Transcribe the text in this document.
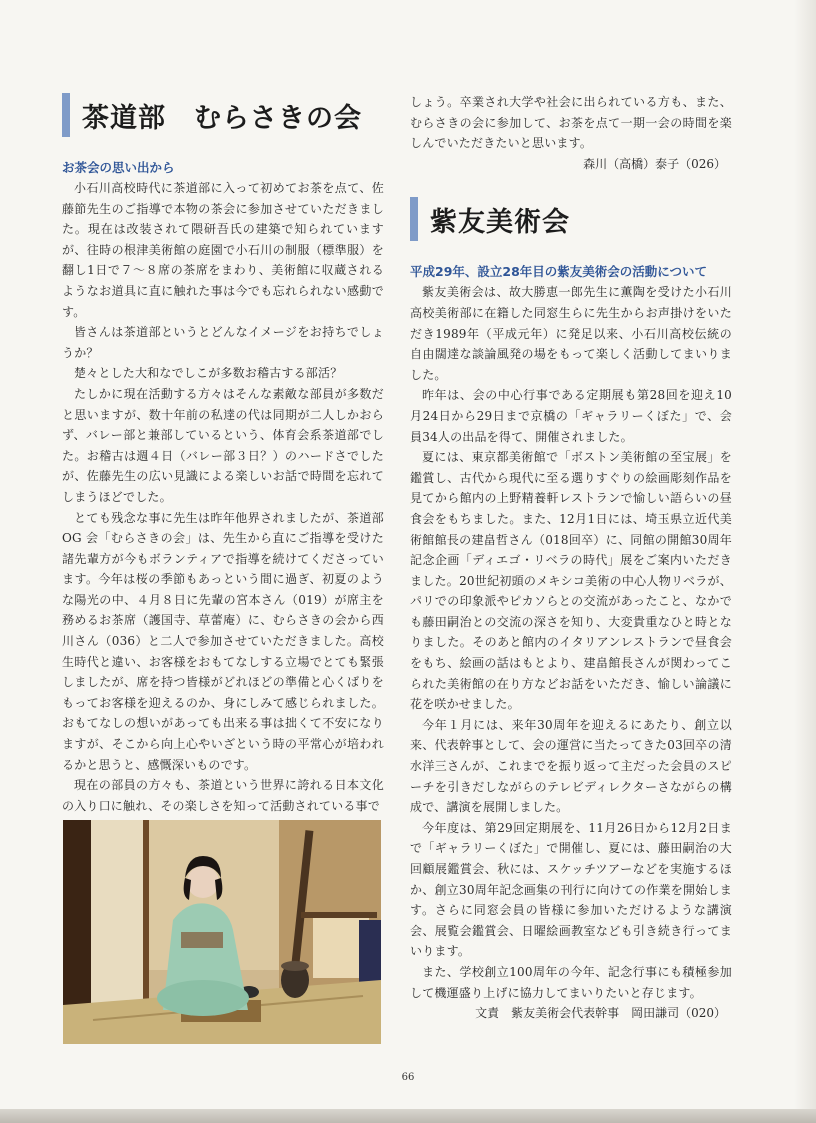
茶道部　むらさきの会
お茶会の思い出から

小石川高校時代に茶道部に入って初めてお茶を点て、佐藤節先生のご指導で本物の茶会に参加させていただきました。現在は改装されて隈研吾氏の建築で知られていますが、往時の根津美術館の庭園で小石川の制服（標準服）を翻し1日で７～８席の茶席をまわり、美術館に収蔵されるようなお道具に直に触れた事は今でも忘れられない感動です。

皆さんは茶道部というとどんなイメージをお持ちでしょうか？

楚々とした大和なでしこが多数お稽古する部活？

たしかに現在活動する方々はそんな素敵な部員が多数だと思いますが、数十年前の私達の代は同期が二人しかおらず、バレー部と兼部しているという、体育会系茶道部でした。お稽古は週４日（バレー部３日？）のハードさでしたが、佐藤先生の広い見識による楽しいお話で時間を忘れてしまうほどでした。

とても残念な事に先生は昨年他界されましたが、茶道部OG 会「むらさきの会」は、先生から直にご指導を受けた諸先輩方が今もボランティアで指導を続けてくださっています。今年は桜の季節もあっという間に過ぎ、初夏のような陽光の中、４月８日に先輩の宮本さん（019）が席主を務めるお茶席（護国寺、草蕾庵）に、むらさきの会から西川さん（036）と二人で参加させていただきました。高校生時代と違い、お客様をおもてなしする立場でとても緊張しましたが、席を持つ皆様がどれほどの準備と心くばりをもってお客様を迎えるのか、身にしみて感じられました。おもてなしの想いがあっても出来る事は拙くて不安になりますが、そこから向上心やいざという時の平常心が培われるかと思うと、感慨深いものです。

現在の部員の方々も、茶道という世界に誇れる日本文化の入り口に触れ、その楽しさを知って活動されている事で

しょう。卒業され大学や社会に出られている方も、また、むらさきの会に参加して、お茶を点て一期一会の時間を楽しんでいただきたいと思います。

森川（高橋）泰子（026）

紫友美術会
平成29年、設立28年目の紫友美術会の活動について

紫友美術会は、故大勝恵一郎先生に薫陶を受けた小石川高校美術部に在籍した同窓生らに先生からお声掛けをいただき1989年（平成元年）に発足以来、小石川高校伝統の自由闊達な談論風発の場をもって楽しく活動してまいりました。

昨年は、会の中心行事である定期展も第28回を迎え10月24日から29日まで京橋の「ギャラリーくぼた」で、会員34人の出品を得て、開催されました。

夏には、東京都美術館で「ボストン美術館の至宝展」を鑑賞し、古代から現代に至る選りすぐりの絵画彫刻作品を見てから館内の上野精養軒レストランで愉しい語らいの昼食会をもちました。また、12月1日には、埼玉県立近代美術館館長の建畠哲さん（018回卒）に、同館の開館30周年記念企画「ディエゴ・リベラの時代」展をご案内いただきました。20世紀初頭のメキシコ美術の中心人物リベラが、パリでの印象派やピカソらとの交流があったこと、なかでも藤田嗣治との交流の深さを知り、大変貴重なひと時となりました。そのあと館内のイタリアンレストランで昼食会をもち、絵画の話はもとより、建畠館長さんが関わってこられた美術館の在り方などお話をいただき、愉しい論議に花を咲かせました。

今年１月には、来年30周年を迎えるにあたり、創立以来、代表幹事として、会の運営に当たってきた03回卒の清水洋三さんが、これまでを振り返って主だった会員のスピーチを引きだしながらのテレビディレクターさながらの構成で、講演を展開しました。

今年度は、第29回定期展を、11月26日から12月2日まで「ギャラリーくぼた」で開催し、夏には、藤田嗣治の大回顧展鑑賞会、秋には、スケッチツアーなどを実施するほか、創立30周年記念画集の刊行に向けての作業を開始します。さらに同窓会員の皆様に参加いただけるような講演会、展覧会鑑賞会、日曜絵画教室なども引き続き行ってまいります。

また、学校創立100周年の今年、記念行事にも積極参加して機運盛り上げに協力してまいりたいと存じます。

文責　紫友美術会代表幹事　岡田謙司（020）

66
